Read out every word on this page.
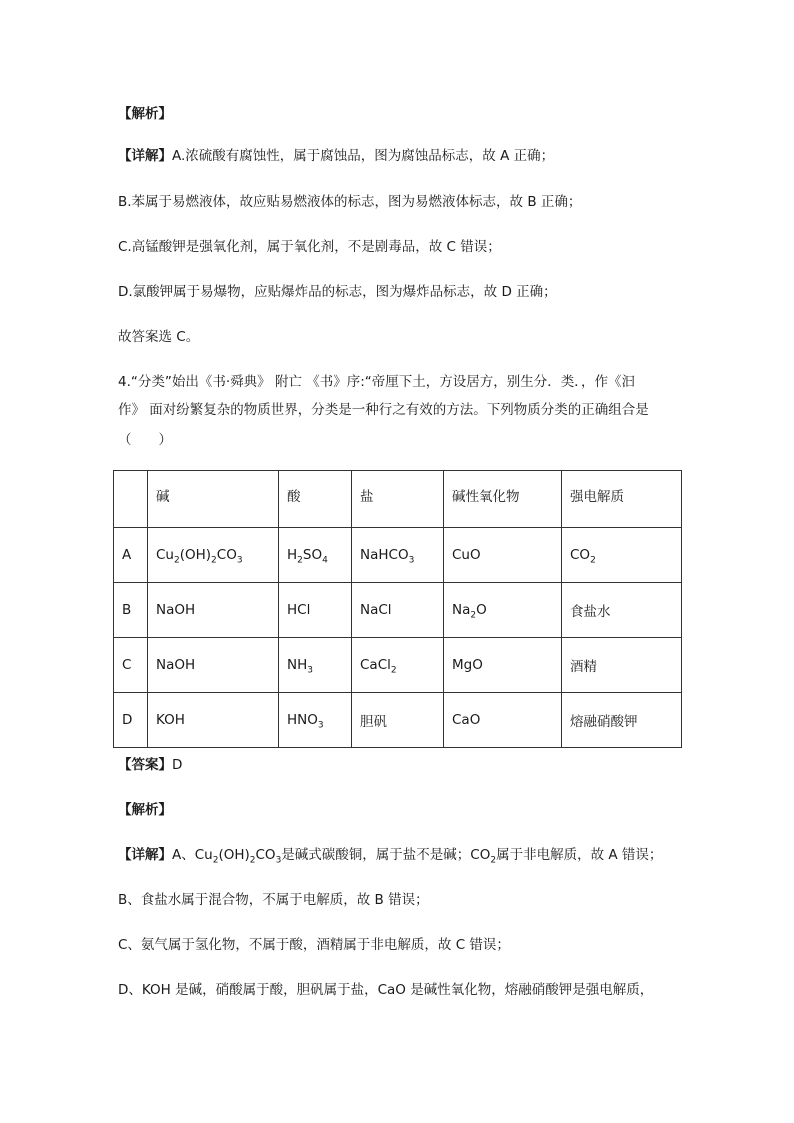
【解析】
【详解】A.浓硫酸有腐蚀性，属于腐蚀品，图为腐蚀品标志，故 A 正确；
B.苯属于易燃液体，故应贴易燃液体的标志，图为易燃液体标志，故 B 正确；
C.高锰酸钾是强氧化剂，属于氧化剂，不是剧毒品，故 C 错误；
D.氯酸钾属于易爆物，应贴爆炸品的标志，图为爆炸品标志，故 D 正确；
故答案选 C。
4.“分类”始出《书·舜典》 附亡 《书》序:“帝厘下土，方设居方，别生分．类．，作《汩
作》 面对纷繁复杂的物质世界，分类是一种行之有效的方法。下列物质分类的正确组合是
（　　）
	碱	酸	盐	碱性氧化物	强电解质
A	$Cu_2(OH)_2CO_3$	$H_2SO_4$	NaHCO$_3$	CuO	$CO_2$
B	NaOH	HCl	NaCl	$Na_2O$	食盐水
C	NaOH	$NH_3$	CaCl$_2$	MgO	酒精
D	KOH	$HNO_3$	胆矾	CaO	熔融硝酸钾
【答案】D
【解析】
【详解】A、$Cu_2(OH)_2CO_3$是碱式碳酸铜，属于盐不是碱；$CO_2$属于非电解质，故 A 错误；
B、食盐水属于混合物，不属于电解质，故 B 错误；
C、氨气属于氢化物，不属于酸，酒精属于非电解质，故 C 错误；
D、KOH 是碱，硝酸属于酸，胆矾属于盐，CaO 是碱性氧化物，熔融硝酸钾是强电解质，
